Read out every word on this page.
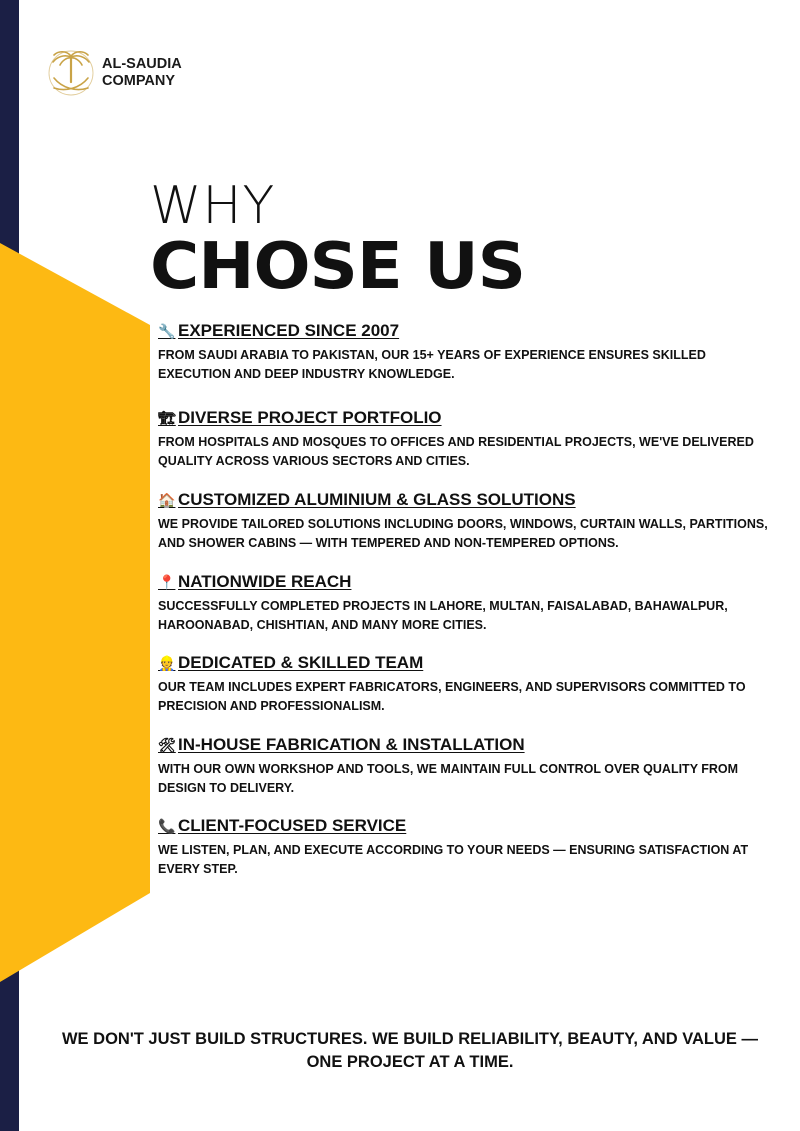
AL-SAUDIA
COMPANY
WHY
CHOSE US
🔧 EXPERIENCED SINCE 2007
FROM SAUDI ARABIA TO PAKISTAN, OUR 15+ YEARS OF EXPERIENCE ENSURES SKILLED EXECUTION AND DEEP INDUSTRY KNOWLEDGE.
🏗 DIVERSE PROJECT PORTFOLIO
FROM HOSPITALS AND MOSQUES TO OFFICES AND RESIDENTIAL PROJECTS, WE'VE DELIVERED QUALITY ACROSS VARIOUS SECTORS AND CITIES.
🏠 CUSTOMIZED ALUMINIUM & GLASS SOLUTIONS
WE PROVIDE TAILORED SOLUTIONS INCLUDING DOORS, WINDOWS, CURTAIN WALLS, PARTITIONS, AND SHOWER CABINS — WITH TEMPERED AND NON-TEMPERED OPTIONS.
📍 NATIONWIDE REACH
SUCCESSFULLY COMPLETED PROJECTS IN LAHORE, MULTAN, FAISALABAD, BAHAWALPUR, HAROONABAD, CHISHTIAN, AND MANY MORE CITIES.
👷 DEDICATED & SKILLED TEAM
OUR TEAM INCLUDES EXPERT FABRICATORS, ENGINEERS, AND SUPERVISORS COMMITTED TO PRECISION AND PROFESSIONALISM.
🛠 IN-HOUSE FABRICATION & INSTALLATION
WITH OUR OWN WORKSHOP AND TOOLS, WE MAINTAIN FULL CONTROL OVER QUALITY FROM DESIGN TO DELIVERY.
📞 CLIENT-FOCUSED SERVICE
WE LISTEN, PLAN, AND EXECUTE ACCORDING TO YOUR NEEDS — ENSURING SATISFACTION AT EVERY STEP.
WE DON'T JUST BUILD STRUCTURES. WE BUILD RELIABILITY, BEAUTY, AND VALUE —
ONE PROJECT AT A TIME.
